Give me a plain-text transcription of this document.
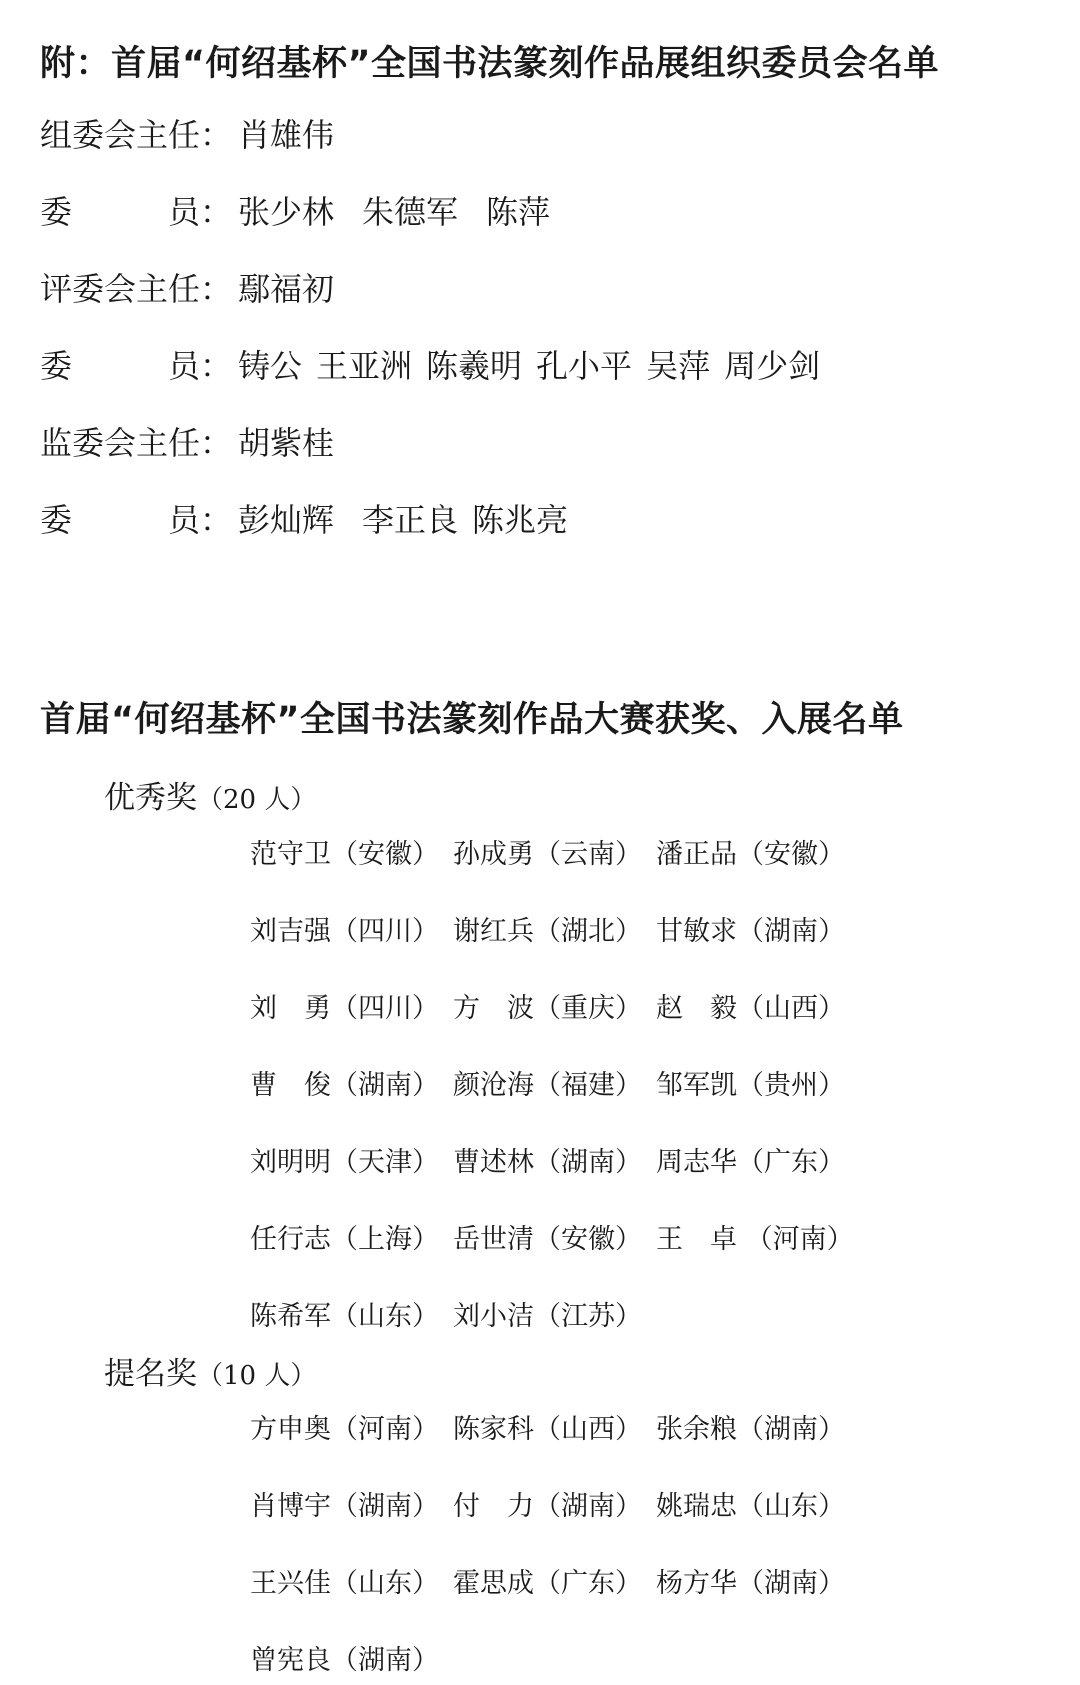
附：首届“何绍基杯”全国书法篆刻作品展组织委员会名单
组委会主任： 肖雄伟
委　　　员： 张少林 朱德军 陈萍
评委会主任： 鄢福初
委　　　员： 铸公 王亚洲 陈羲明 孔小平 吴萍 周少剑
监委会主任： 胡紫桂
委　　　员： 彭灿辉 李正良 陈兆亮
首届“何绍基杯”全国书法篆刻作品大赛获奖、入展名单
优秀奖（20 人）
范守卫（安徽） 孙成勇（云南） 潘正品（安徽）
刘吉强（四川） 谢红兵（湖北） 甘敏求（湖南）
刘　勇（四川） 方　波（重庆） 赵　毅（山西）
曹　俊（湖南） 颜沧海（福建） 邹军凯（贵州）
刘明明（天津） 曹述林（湖南） 周志华（广东）
任行志（上海） 岳世清（安徽） 王　卓 （河南）
陈希军（山东） 刘小洁（江苏）
提名奖（10 人）
方申奥（河南） 陈家科（山西） 张余粮（湖南）
肖博宇（湖南） 付　力（湖南） 姚瑞忠（山东）
王兴佳（山东） 霍思成（广东） 杨方华（湖南）
曾宪良（湖南）
